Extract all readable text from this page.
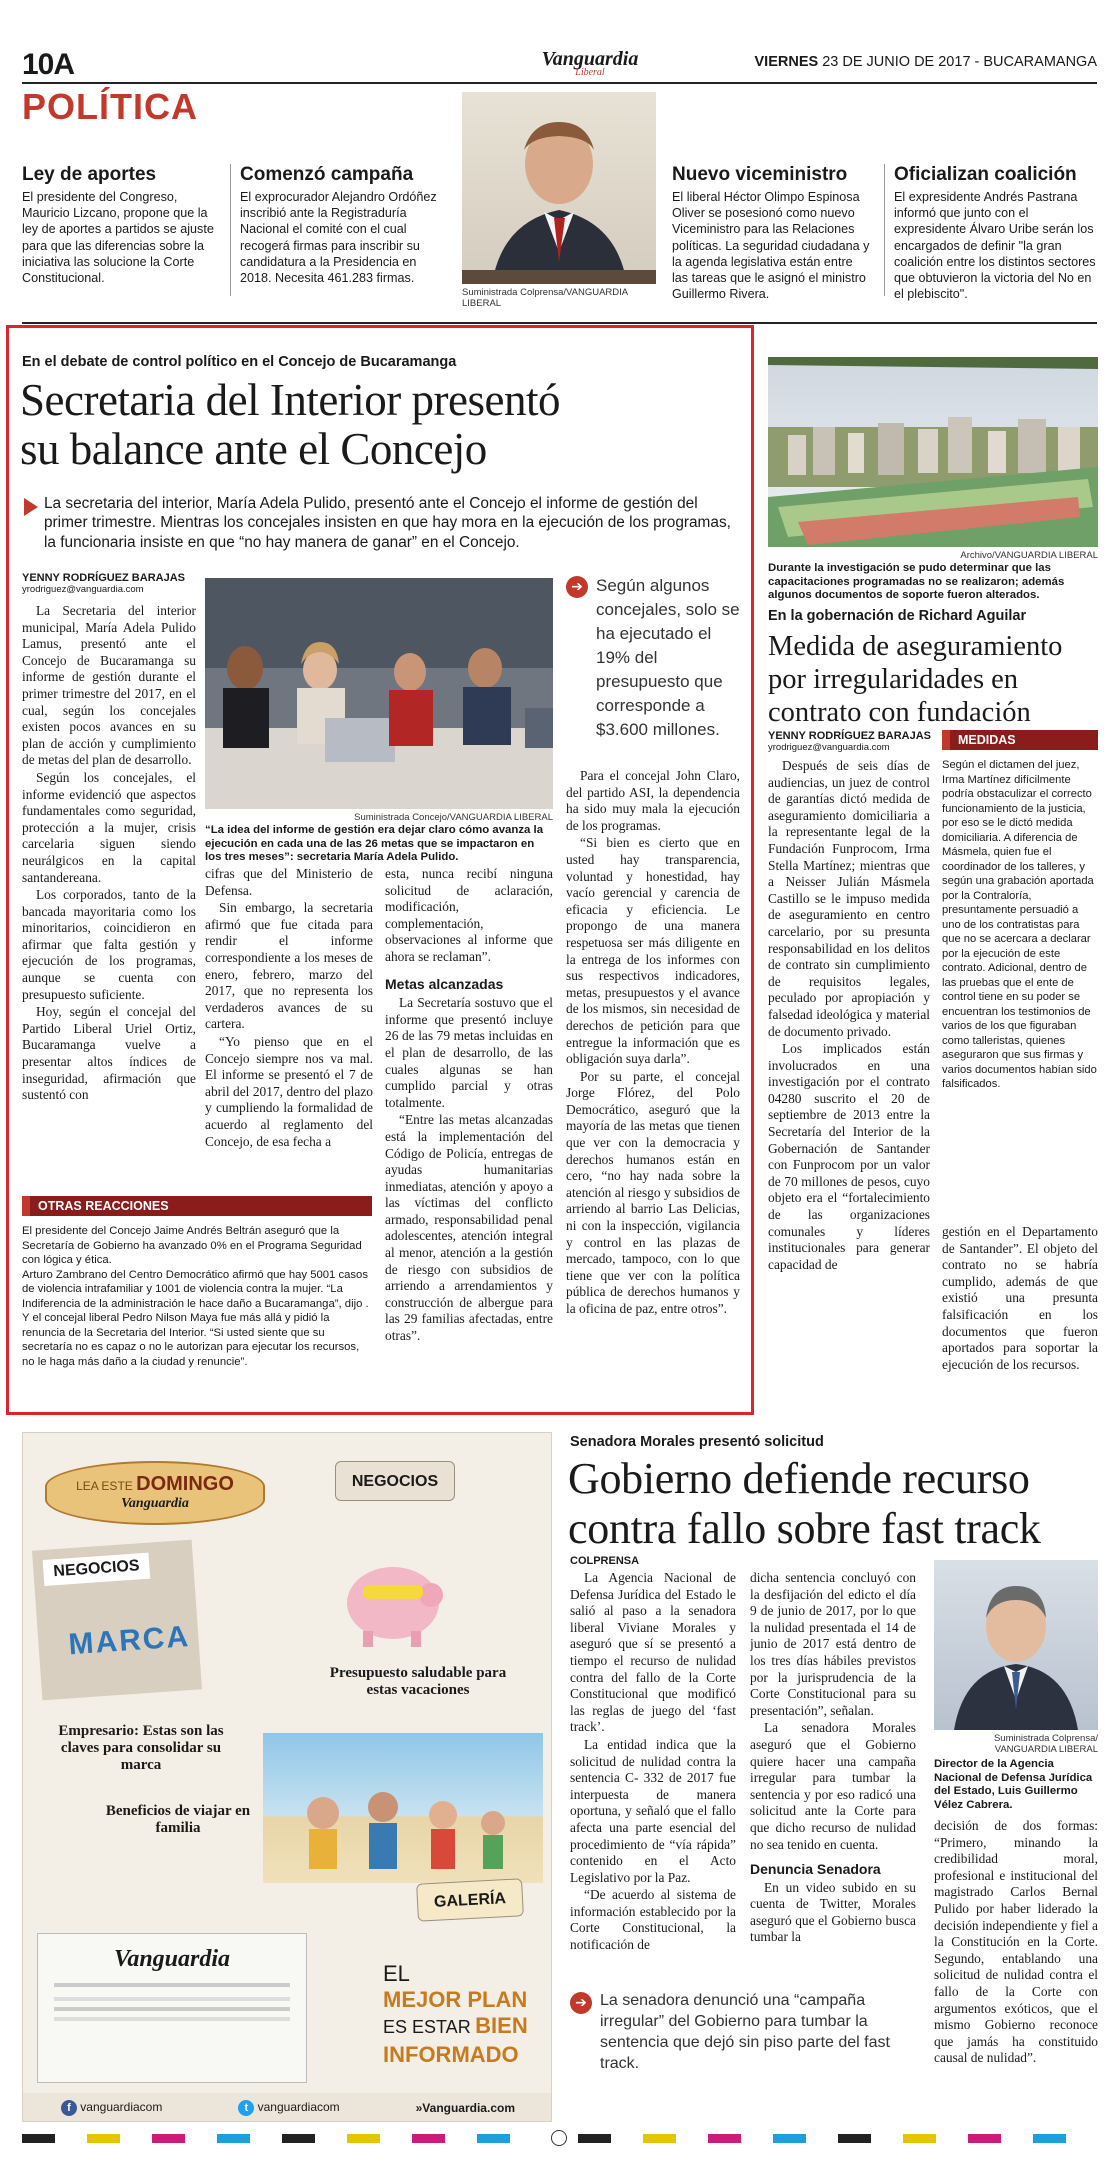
10A	Vanguardia
Liberal
VIERNES 23 DE JUNIO DE 2017 - BUCARAMANGA
POLÍTICA
Ley de aportes
El presidente del Congreso, Mauricio Lizcano, propone que la ley de aportes a partidos se ajuste para que las diferencias sobre la iniciativa las solucione la Corte Constitucional.
Comenzó campaña
El exprocurador Alejandro Ordóñez inscribió ante la Registraduría Nacional el comité con el cual recogerá firmas para inscribir su candidatura a la Presidencia en 2018. Necesita 461.283 firmas.
Suministrada Colprensa/VANGUARDIA LIBERAL
Nuevo viceministro
El liberal Héctor Olimpo Espinosa Oliver se posesionó como nuevo Viceministro para las Relaciones políticas. La seguridad ciudadana y la agenda legislativa están entre las tareas que le asignó el ministro Guillermo Rivera.
Oficializan coalición
El expresidente Andrés Pastrana informó que junto con el expresidente Álvaro Uribe serán los encargados de definir "la gran coalición entre los distintos sectores que obtuvieron la victoria del No en el plebiscito".
En el debate de control político en el Concejo de Bucaramanga
Secretaria del Interior presentó
su balance ante el Concejo
La secretaria del interior, María Adela Pulido, presentó ante el Concejo el informe de gestión del primer trimestre. Mientras los concejales insisten en que hay mora en la ejecución de los programas, la funcionaria insiste en que “no hay manera de ganar” en el Concejo.
YENNY RODRÍGUEZ BARAJAS
yrodriguez@vanguardia.com

La Secretaria del interior municipal, María Adela Pulido Lamus, presentó ante el Concejo de Bucaramanga su informe de gestión durante el primer trimestre del 2017, en el cual, según los concejales existen pocos avances en su plan de acción y cumplimiento de metas del plan de desarrollo.

Según los concejales, el informe evidenció que aspectos fundamentales como seguridad, protección a la mujer, crisis carcelaria siguen siendo neurálgicos en la capital santandereana.

Los corporados, tanto de la bancada mayoritaria como los minoritarios, coincidieron en afirmar que falta gestión y ejecución de los programas, aunque se cuenta con presupuesto suficiente.

Hoy, según el concejal del Partido Liberal Uriel Ortiz, Bucaramanga vuelve a presentar altos índices de inseguridad, afirmación que sustentó con

Suministrada Concejo/VANGUARDIA LIBERAL
“La idea del informe de gestión era dejar claro cómo avanza la ejecución en cada una de las 26 metas que se impactaron en los tres meses”: secretaria María Adela Pulido.

cifras que del Ministerio de Defensa.

Sin embargo, la secretaria afirmó que fue citada para rendir el informe correspondiente a los meses de enero, febrero, marzo del 2017, que no representa los verdaderos avances de su cartera.

“Yo pienso que en el Concejo siempre nos va mal. El informe se presentó el 7 de abril del 2017, dentro del plazo y cumpliendo la formalidad de acuerdo al reglamento del Concejo, de esa fecha a

esta, nunca recibí ninguna solicitud de aclaración, modificación, complementación, observaciones al informe que ahora se reclaman”.

Metas alcanzadas

La Secretaría sostuvo que el informe que presentó incluye 26 de las 79 metas incluidas en el plan de desarrollo, de las cuales algunas se han cumplido parcial y otras totalmente.

“Entre las metas alcanzadas está la implementación del Código de Policía, entregas de ayudas humanitarias inmediatas, atención y apoyo a las víctimas del conflicto armado, responsabilidad penal adolescentes, atención integral al menor, atención a la gestión de riesgo con subsidios de arriendo a arrendamientos y construcción de albergue para las 29 familias afectadas, entre otras”.

➔ Según algunos concejales, solo se ha ejecutado el 19% del presupuesto que corresponde a $3.600 millones.

Para el concejal John Claro, del partido ASI, la dependencia ha sido muy mala la ejecución de los programas.

“Si bien es cierto que en usted hay transparencia, voluntad y honestidad, hay vacío gerencial y carencia de eficacia y eficiencia. Le propongo de una manera respetuosa ser más diligente en la entrega de los informes con sus respectivos indicadores, metas, presupuestos y el avance de los mismos, sin necesidad de derechos de petición para que entregue la información que es obligación suya darla”.

Por su parte, el concejal Jorge Flórez, del Polo Democrático, aseguró que la mayoría de las metas que tienen que ver con la democracia y derechos humanos están en cero, “no hay nada sobre la atención al riesgo y subsidios de arriendo al barrio Las Delicias, ni con la inspección, vigilancia y control en las plazas de mercado, tampoco, con lo que tiene que ver con la política pública de derechos humanos y la oficina de paz, entre otros”.

OTRAS REACCIONES
El presidente del Concejo Jaime Andrés Beltrán aseguró que la Secretaría de Gobierno ha avanzado 0% en el Programa Seguridad con lógica y ética.
Arturo Zambrano del Centro Democrático afirmó que hay 5001 casos de violencia intrafamiliar y 1001 de violencia contra la mujer. “La Indiferencia de la administración le hace daño a Bucaramanga”, dijo .
Y el concejal liberal Pedro Nilson Maya fue más allá y pidió la renuncia de la Secretaria del Interior. “Si usted siente que su secretaría no es capaz o no le autorizan para ejecutar los recursos, no le haga más daño a la ciudad y renuncie”.
Archivo/VANGUARDIA LIBERAL
Durante la investigación se pudo determinar que las capacitaciones programadas no se realizaron; además algunos documentos de soporte fueron alterados.
En la gobernación de Richard Aguilar
Medida de aseguramiento por irregularidades en contrato con fundación
YENNY RODRÍGUEZ BARAJAS
yrodriguez@vanguardia.com

Después de seis días de audiencias, un juez de control de garantías dictó medida de aseguramiento domiciliaria a la representante legal de la Fundación Funprocom, Irma Stella Martínez; mientras que a Neisser Julián Másmela Castillo se le impuso medida de aseguramiento en centro carcelario, por su presunta responsabilidad en los delitos de contrato sin cumplimiento de requisitos legales, peculado por apropiación y falsedad ideológica y material de documento privado.

Los implicados están involucrados en una investigación por el contrato 04280 suscrito el 20 de septiembre de 2013 entre la Secretaría del Interior de la Gobernación de Santander con Funprocom por un valor de 70 millones de pesos, cuyo objeto era el “fortalecimiento de las organizaciones comunales y líderes institucionales para generar capacidad de

MEDIDAS
Según el dictamen del juez, Irma Martínez difícilmente podría obstaculizar el correcto funcionamiento de la justicia, por eso se le dictó medida domiciliaria. A diferencia de Másmela, quien fue el coordinador de los talleres, y según una grabación aportada por la Contraloría, presuntamente persuadió a uno de los contratistas para que no se acercara a declarar por la ejecución de este contrato. Adicional, dentro de las pruebas que el ente de control tiene en su poder se encuentran los testimonios de varios de los que figuraban como talleristas, quienes aseguraron que sus firmas y varios documentos habían sido falsificados.

gestión en el Departamento de Santander”. El objeto del contrato no se habría cumplido, además de que existió una presunta falsificación en los documentos que fueron aportados para soportar la ejecución de los recursos.

LEA ESTE DOMINGO
Vanguardia
NEGOCIOS
MARCA
NEGOCIOS
Presupuesto saludable para estas vacaciones
Empresario: Estas son las claves para consolidar su marca
Beneficios de viajar en familia
GALERÍA
Vanguardia
EL
MEJOR PLAN
ES ESTAR BIEN
INFORMADO
f vanguardiacom	t vanguardiacom	»Vanguardia.com
Senadora Morales presentó solicitud
Gobierno defiende recurso
contra fallo sobre fast track
COLPRENSA

La Agencia Nacional de Defensa Jurídica del Estado le salió al paso a la senadora liberal Viviane Morales y aseguró que sí se presentó a tiempo el recurso de nulidad contra del fallo de la Corte Constitucional que modificó las reglas de juego del ‘fast track’.

La entidad indica que la solicitud de nulidad contra la sentencia C- 332 de 2017 fue interpuesta de manera oportuna, y señaló que el fallo afecta una parte esencial del procedimiento de “vía rápida” contenido en el Acto Legislativo por la Paz.

“De acuerdo al sistema de información establecido por la Corte Constitucional, la notificación de

dicha sentencia concluyó con la desfijación del edicto el día 9 de junio de 2017, por lo que la nulidad presentada el 14 de junio de 2017 está dentro de los tres días hábiles previstos por la jurisprudencia de la Corte Constitucional para su presentación”, señalan.

La senadora Morales aseguró que el Gobierno quiere hacer una campaña irregular para tumbar la sentencia y por eso radicó una solicitud ante la Corte para que dicho recurso de nulidad no sea tenido en cuenta.

Denuncia Senadora

En un video subido en su cuenta de Twitter, Morales aseguró que el Gobierno busca tumbar la

➔ La senadora denunció una “campaña irregular” del Gobierno para tumbar la sentencia que dejó sin piso parte del fast track.
Suministrada Colprensa/ VANGUARDIA LIBERAL
Director de la Agencia Nacional de Defensa Jurídica del Estado, Luis Guillermo Vélez Cabrera.

decisión de dos formas: “Primero, minando la credibilidad moral, profesional e institucional del magistrado Carlos Bernal Pulido por haber liderado la decisión independiente y fiel a la Constitución en la Corte. Segundo, entablando una solicitud de nulidad contra el fallo de la Corte con argumentos exóticos, que el mismo Gobierno reconoce que jamás ha constituido causal de nulidad”.
